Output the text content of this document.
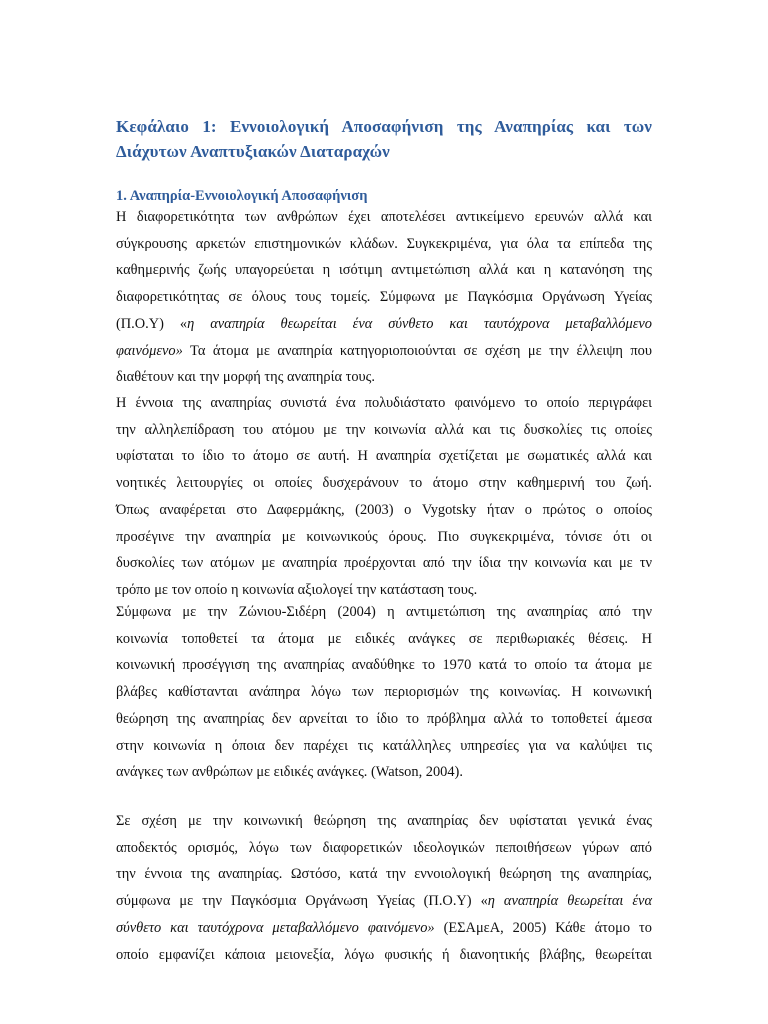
Κεφάλαιο 1: Εννοιολογική Αποσαφήνιση της Αναπηρίας και των Διάχυτων Αναπτυξιακών Διαταραχών
1. Αναπηρία-Εννοιολογική Αποσαφήνιση

Η διαφορετικότητα των ανθρώπων έχει αποτελέσει αντικείμενο ερευνών αλλά και
σύγκρουσης αρκετών επιστημονικών κλάδων. Συγκεκριμένα, για όλα τα επίπεδα της
καθημερινής ζωής υπαγορεύεται η ισότιμη αντιμετώπιση αλλά και η κατανόηση της
διαφορετικότητας σε όλους τους τομείς. Σύμφωνα με Παγκόσμια Οργάνωση Υγείας
(Π.Ο.Υ) «η αναπηρία θεωρείται ένα σύνθετο και ταυτόχρονα μεταβαλλόμενο
φαινόμενο» Τα άτομα με αναπηρία κατηγοριοποιούνται σε σχέση με την έλλειψη που
διαθέτουν και την μορφή της αναπηρία τους.

Η έννοια της αναπηρίας συνιστά ένα πολυδιάστατο φαινόμενο το οποίο περιγράφει
την αλληλεπίδραση του ατόμου με την κοινωνία αλλά και τις δυσκολίες τις οποίες
υφίσταται το ίδιο το άτομο σε αυτή. Η αναπηρία σχετίζεται με σωματικές αλλά και
νοητικές λειτουργίες οι οποίες δυσχεράνουν το άτομο στην καθημερινή του ζωή.
Όπως αναφέρεται στο Δαφερμάκης, (2003) ο Vygotsky ήταν ο πρώτος ο οποίος
προσέγινε την αναπηρία με κοινωνικούς όρους. Πιο συγκεκριμένα, τόνισε ότι οι
δυσκολίες των ατόμων με αναπηρία προέρχονται από την ίδια την κοινωνία και με τν
τρόπο με τον οποίο η κοινωνία αξιολογεί την κατάσταση τους.

Σύμφωνα με την Ζώνιου-Σιδέρη (2004) η αντιμετώπιση της αναπηρίας από την
κοινωνία τοποθετεί τα άτομα με ειδικές ανάγκες σε περιθωριακές θέσεις. Η
κοινωνική προσέγγιση της αναπηρίας αναδύθηκε το 1970 κατά το οποίο τα άτομα με
βλάβες καθίστανται ανάπηρα λόγω των περιορισμών της κοινωνίας. Η κοινωνική
θεώρηση της αναπηρίας δεν αρνείται το ίδιο το πρόβλημα αλλά το τοποθετεί άμεσα
στην κοινωνία η όποια δεν παρέχει τις κατάλληλες υπηρεσίες για να καλύψει τις
ανάγκες των ανθρώπων με ειδικές ανάγκες. (Watson, 2004).

Σε σχέση με την κοινωνική θεώρηση της αναπηρίας δεν υφίσταται γενικά ένας
αποδεκτός ορισμός, λόγω των διαφορετικών ιδεολογικών πεποιθήσεων γύρων από
την έννοια της αναπηρίας. Ωστόσο, κατά την εννοιολογική θεώρηση της αναπηρίας,
σύμφωνα με την Παγκόσμια Οργάνωση Υγείας (Π.Ο.Υ) «η αναπηρία θεωρείται ένα
σύνθετο και ταυτόχρονα μεταβαλλόμενο φαινόμενο» (ΕΣΑμεΑ, 2005) Κάθε άτομο το
οποίο εμφανίζει κάποια μειονεξία, λόγω φυσικής ή διανοητικής βλάβης, θεωρείται
